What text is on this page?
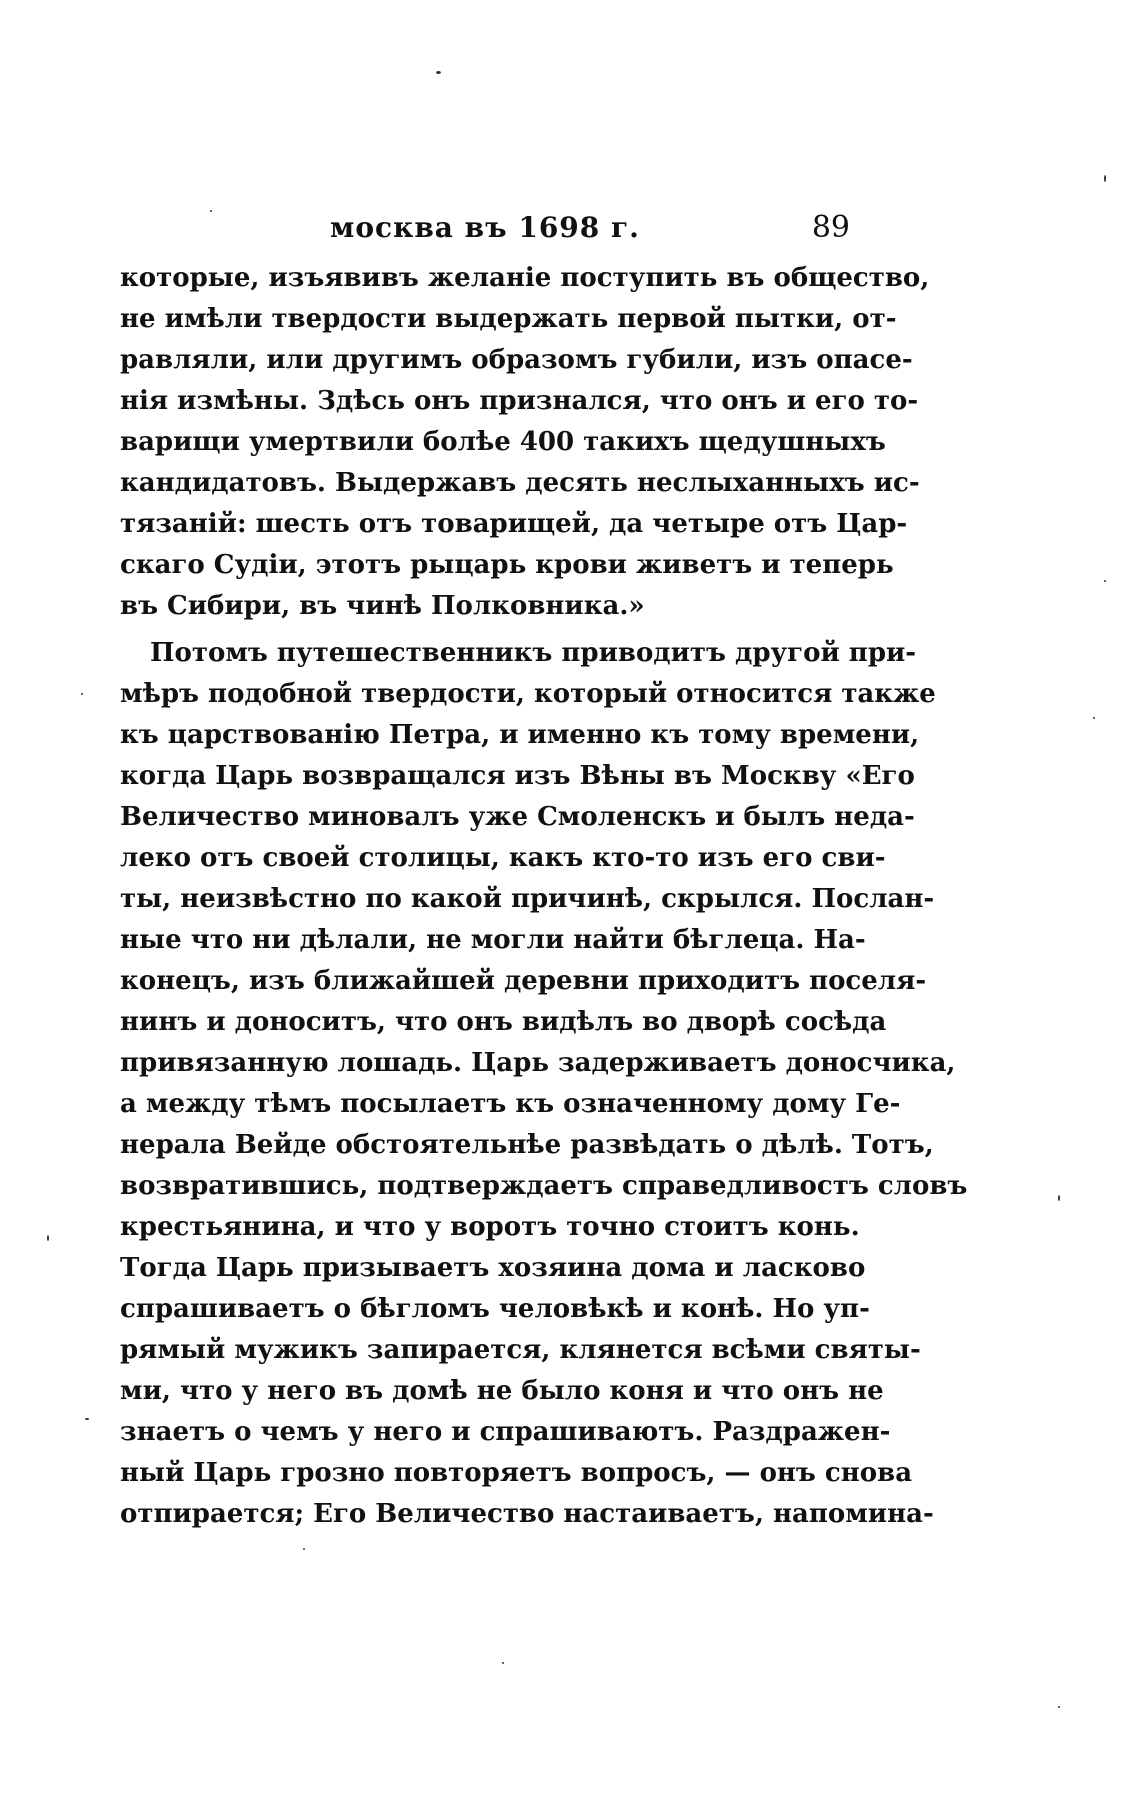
москва въ 1698 г.	89
которые, изъявивъ желаніе поступить въ общество,
не имѣли твердости выдержать первой пытки, от-
равляли, или другимъ образомъ губили, изъ опасе-
нія измѣны. Здѣсь онъ признался, что онъ и его то-
варищи умертвили болѣе 400 такихъ щедушныхъ
кандидатовъ. Выдержавъ десять неслыханныхъ ис-
тязаній: шесть отъ товарищей, да четыре отъ Цар-
скаго Судіи, этотъ рыцарь крови живетъ и теперь
въ Сибири, въ чинѣ Полковника.»
Потомъ путешественникъ приводитъ другой при-
мѣръ подобной твердости, который относится также
къ царствованію Петра, и именно къ тому времени,
когда Царь возвращался изъ Вѣны въ Москву «Его
Величество миновалъ уже Смоленскъ и былъ неда-
леко отъ своей столицы, какъ кто-то изъ его сви-
ты, неизвѣстно по какой причинѣ, скрылся. Послан-
ные что ни дѣлали, не могли найти бѣглеца. На-
конецъ, изъ ближайшей деревни приходитъ поселя-
нинъ и доноситъ, что онъ видѣлъ во дворѣ сосѣда
привязанную лошадь. Царь задерживаетъ доносчика,
а между тѣмъ посылаетъ къ означенному дому Ге-
нерала Вейде обстоятельнѣе развѣдать о дѣлѣ. Тотъ,
возвратившись, подтверждаетъ справедливостъ словъ
крестьянина, и что у воротъ точно стоитъ конь.
Тогда Царь призываетъ хозяина дома и ласково
спрашиваетъ о бѣгломъ человѣкѣ и конѣ. Но уп-
рямый мужикъ запирается, клянется всѣми святы-
ми, что у него въ домѣ не было коня и что онъ не
знаетъ о чемъ у него и спрашиваютъ. Раздражен-
ный Царь грозно повторяетъ вопросъ, — онъ снова
отпирается; Его Величество настаиваетъ, напомина-
